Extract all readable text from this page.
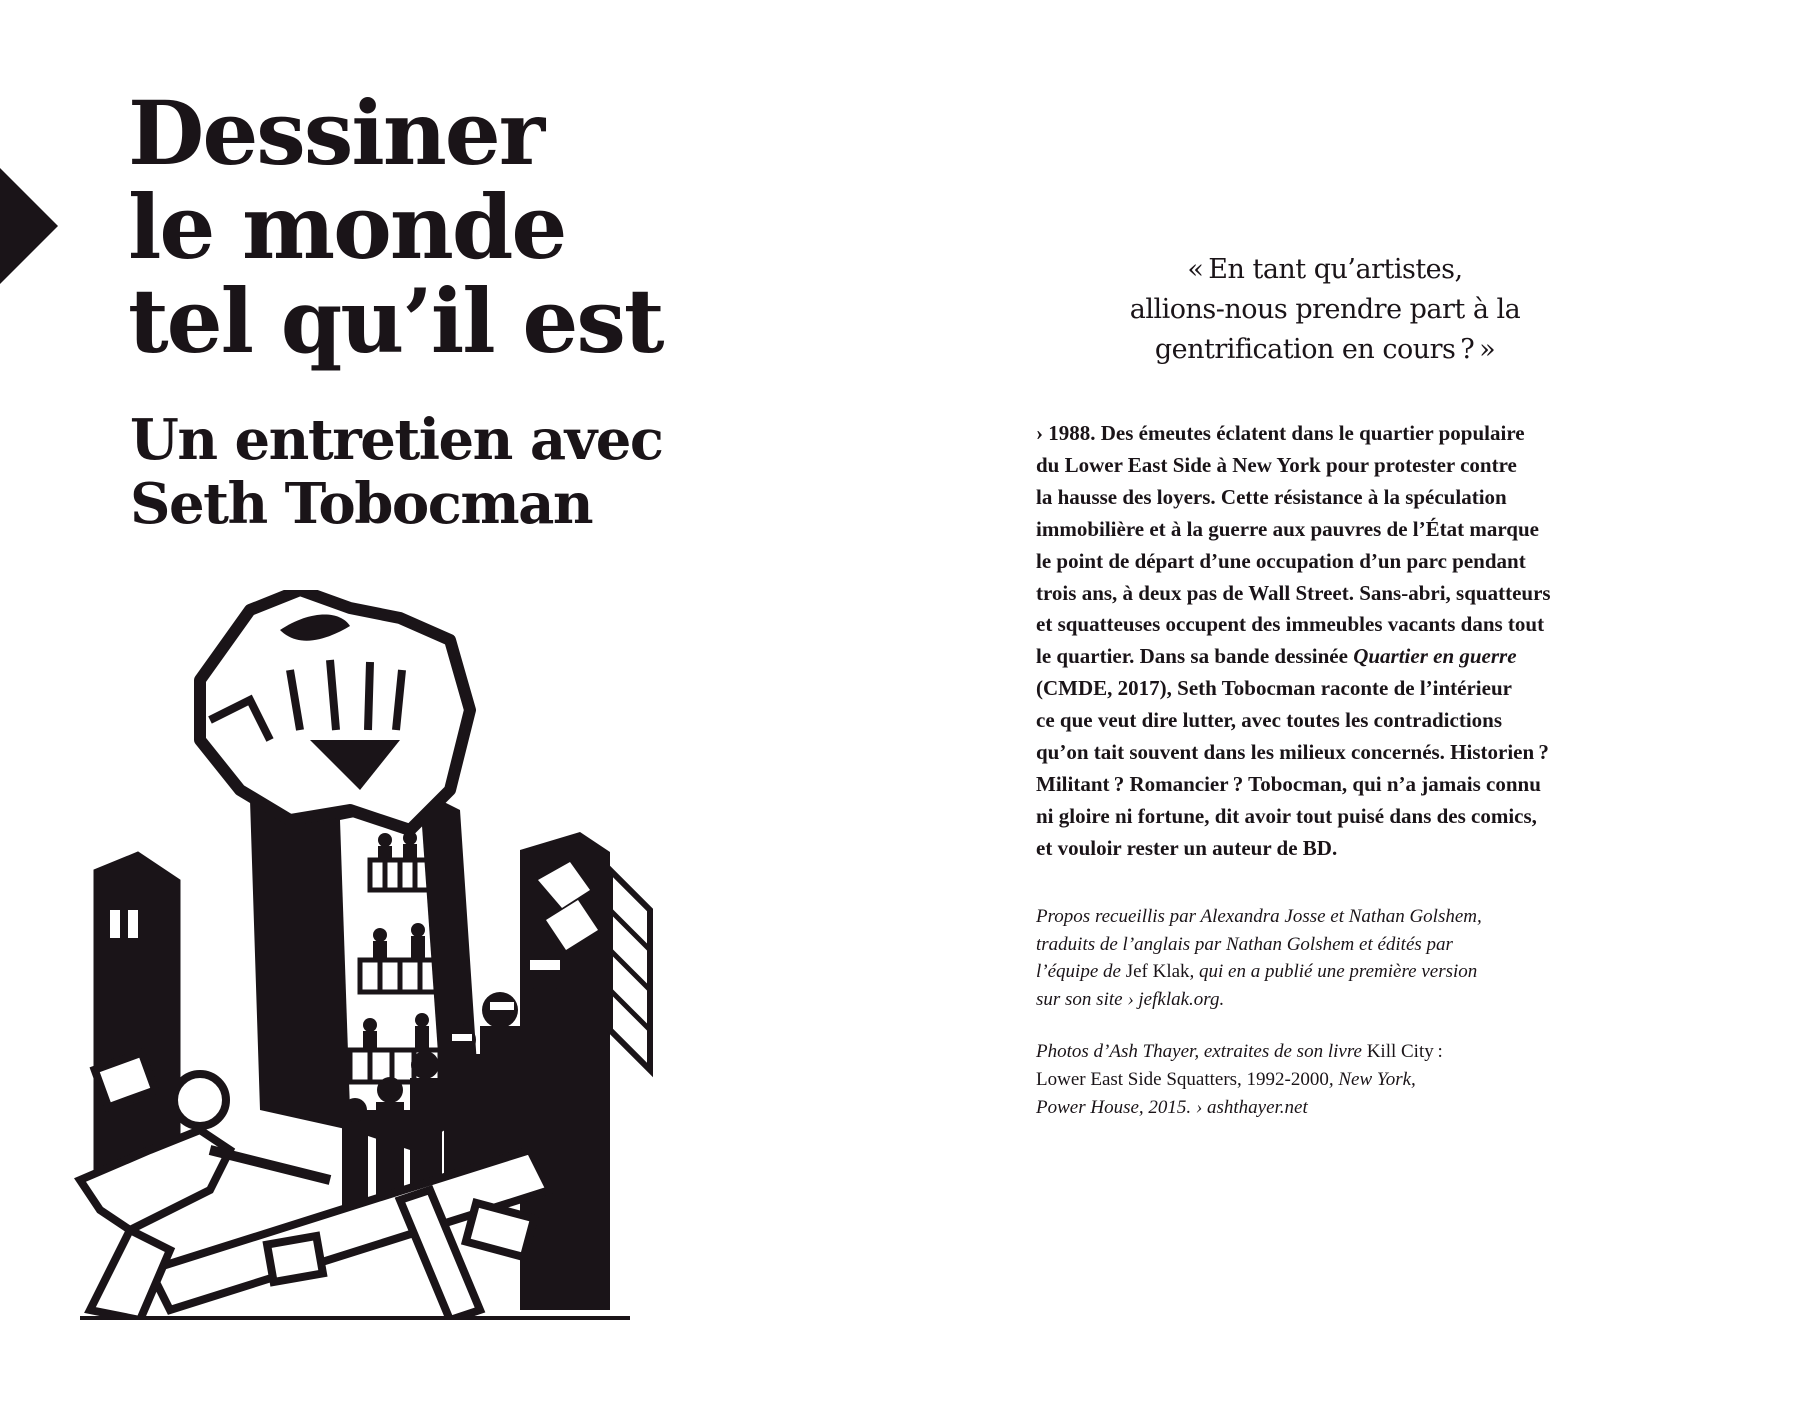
Dessiner
le monde
tel qu’il est
Un entretien avec
Seth Tobocman
« En tant qu’artistes,
allions-nous prendre part à la
gentrification en cours ? »
› 1988. Des émeutes éclatent dans le quartier populaire
du Lower East Side à New York pour protester contre
la hausse des loyers. Cette résistance à la spéculation
immobilière et à la guerre aux pauvres de l’État marque
le point de départ d’une occupation d’un parc pendant
trois ans, à deux pas de Wall Street. Sans-abri, squatteurs
et squatteuses occupent des immeubles vacants dans tout
le quartier. Dans sa bande dessinée Quartier en guerre
(CMDE, 2017), Seth Tobocman raconte de l’intérieur
ce que veut dire lutter, avec toutes les contradictions
qu’on tait souvent dans les milieux concernés. Historien ?
Militant ? Romancier ? Tobocman, qui n’a jamais connu
ni gloire ni fortune, dit avoir tout puisé dans des comics,
et vouloir rester un auteur de BD.
Propos recueillis par Alexandra Josse et Nathan Golshem,
traduits de l’anglais par Nathan Golshem et édités par
l’équipe de Jef Klak, qui en a publié une première version
sur son site › jefklak.org.
Photos d’Ash Thayer, extraites de son livre Kill City :
Lower East Side Squatters, 1992-2000, New York,
Power House, 2015. › ashthayer.net
